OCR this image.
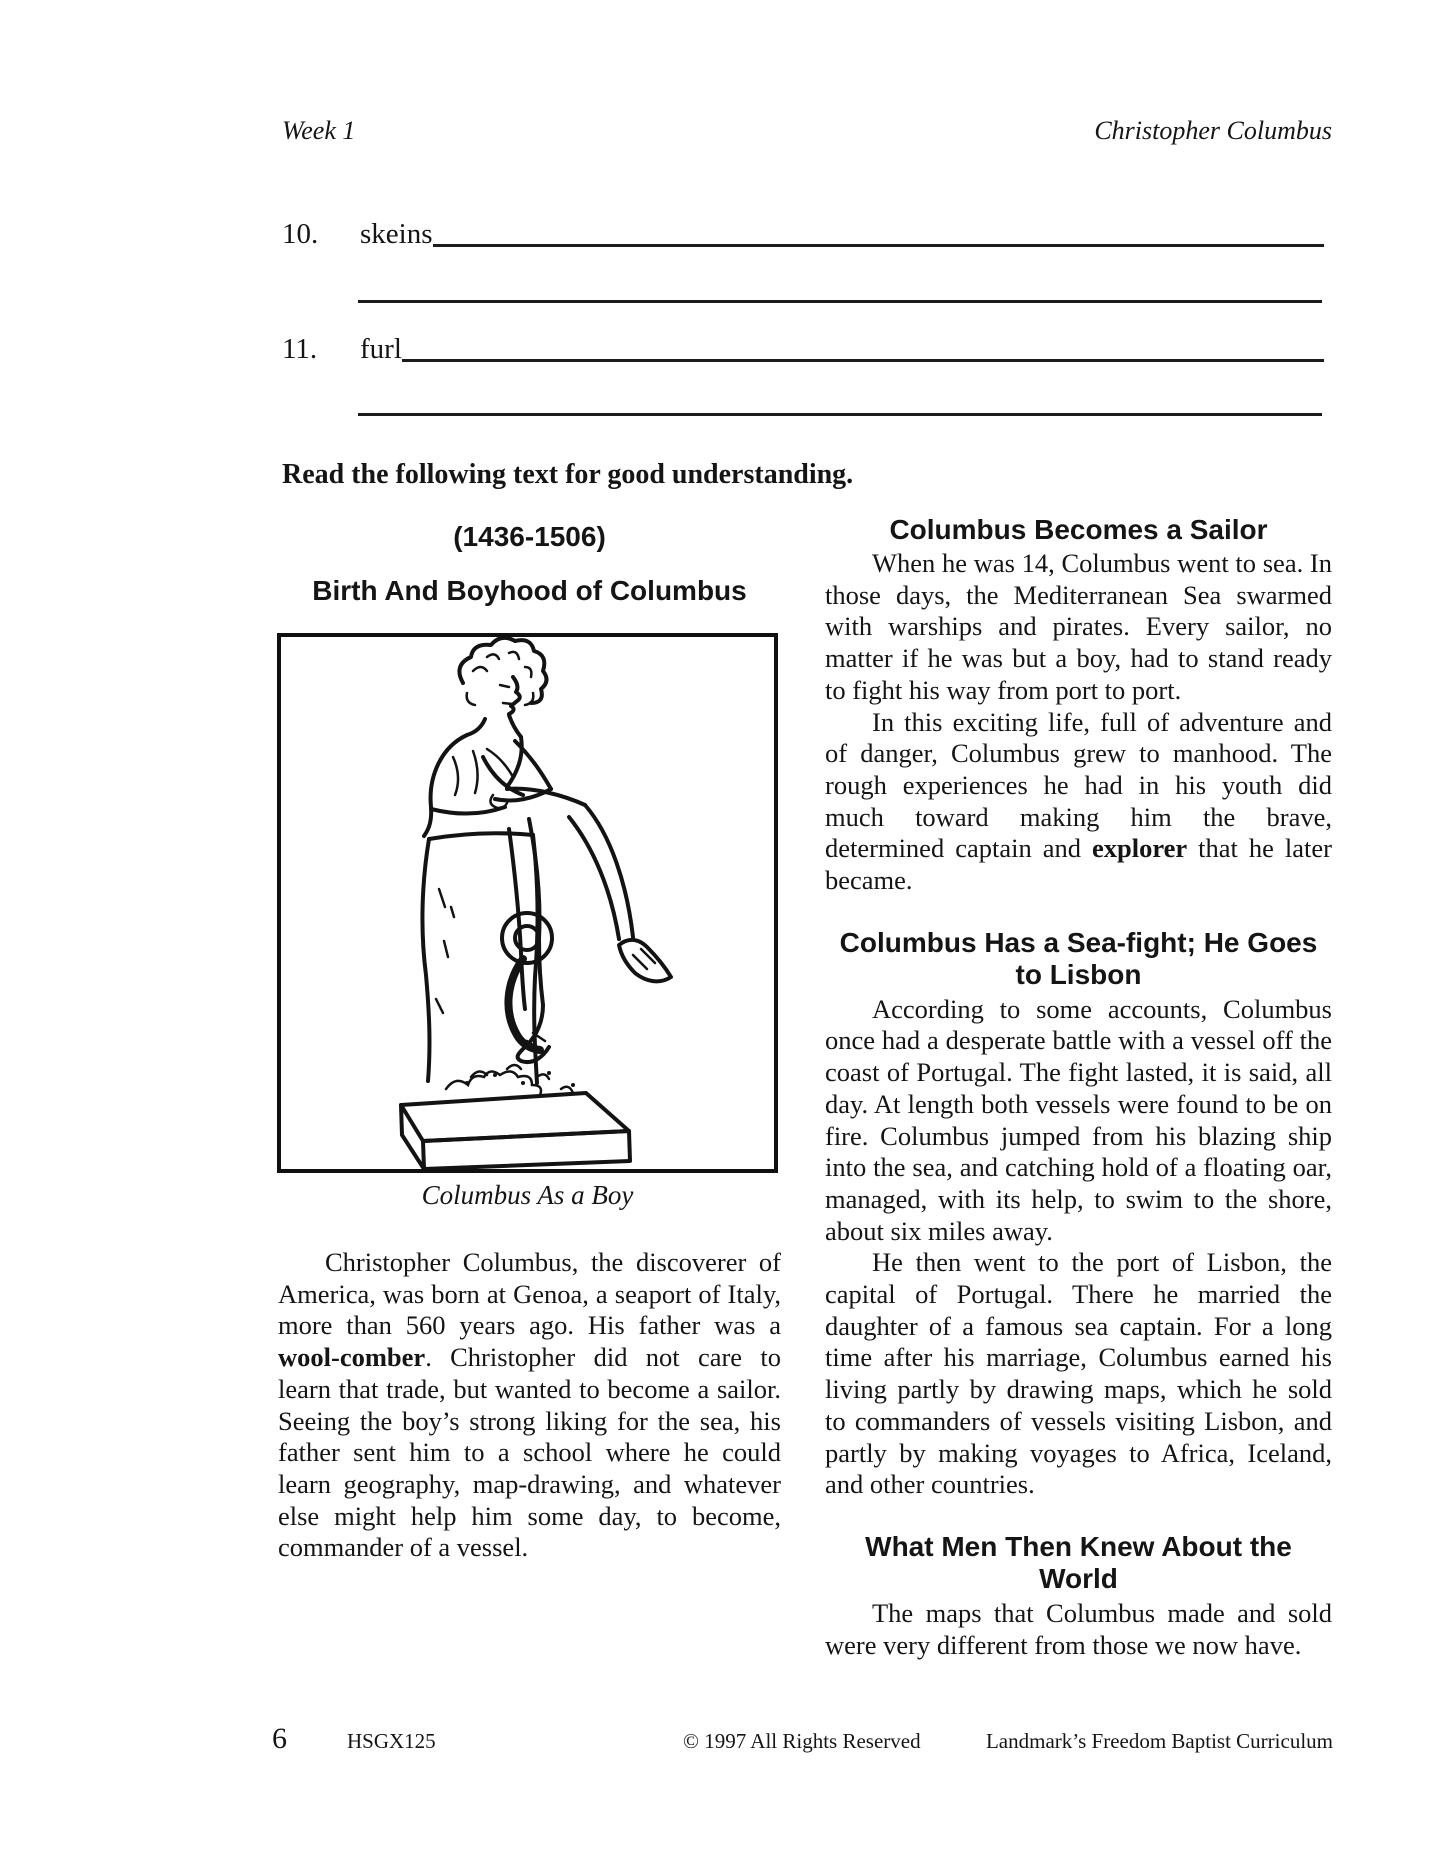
Week 1	Christopher Columbus
10.	skeins
11.	furl
Read the following text for good understanding.
(1436-1506)
Birth And Boyhood of Columbus
Columbus As a Boy

Christopher Columbus, the discoverer of America, was born at Genoa, a seaport of Italy, more than 560 years ago. His father was a wool-comber. Christopher did not care to learn that trade, but wanted to become a sailor. Seeing the boy’s strong liking for the sea, his father sent him to a school where he could learn geography, map-drawing, and whatever else might help him some day, to become, commander of a vessel.

Columbus Becomes a Sailor

When he was 14, Columbus went to sea. In those days, the Mediterranean Sea swarmed with warships and pirates. Every sailor, no matter if he was but a boy, had to stand ready to fight his way from port to port.

In this exciting life, full of adventure and of danger, Columbus grew to manhood. The rough experiences he had in his youth did much toward making him the brave, determined captain and explorer that he later became.

Columbus Has a Sea-fight; He Goes to Lisbon

According to some accounts, Columbus once had a desperate battle with a vessel off the coast of Portugal. The fight lasted, it is said, all day. At length both vessels were found to be on fire. Columbus jumped from his blazing ship into the sea, and catching hold of a floating oar, managed, with its help, to swim to the shore, about six miles away.

He then went to the port of Lisbon, the capital of Portugal. There he married the daughter of a famous sea captain. For a long time after his marriage, Columbus earned his living partly by drawing maps, which he sold to commanders of vessels visiting Lisbon, and partly by making voyages to Africa, Iceland, and other countries.

What Men Then Knew About the World

The maps that Columbus made and sold were very different from those we now have.

6	HSGX125	© 1997 All Rights Reserved	Landmark’s Freedom Baptist Curriculum
